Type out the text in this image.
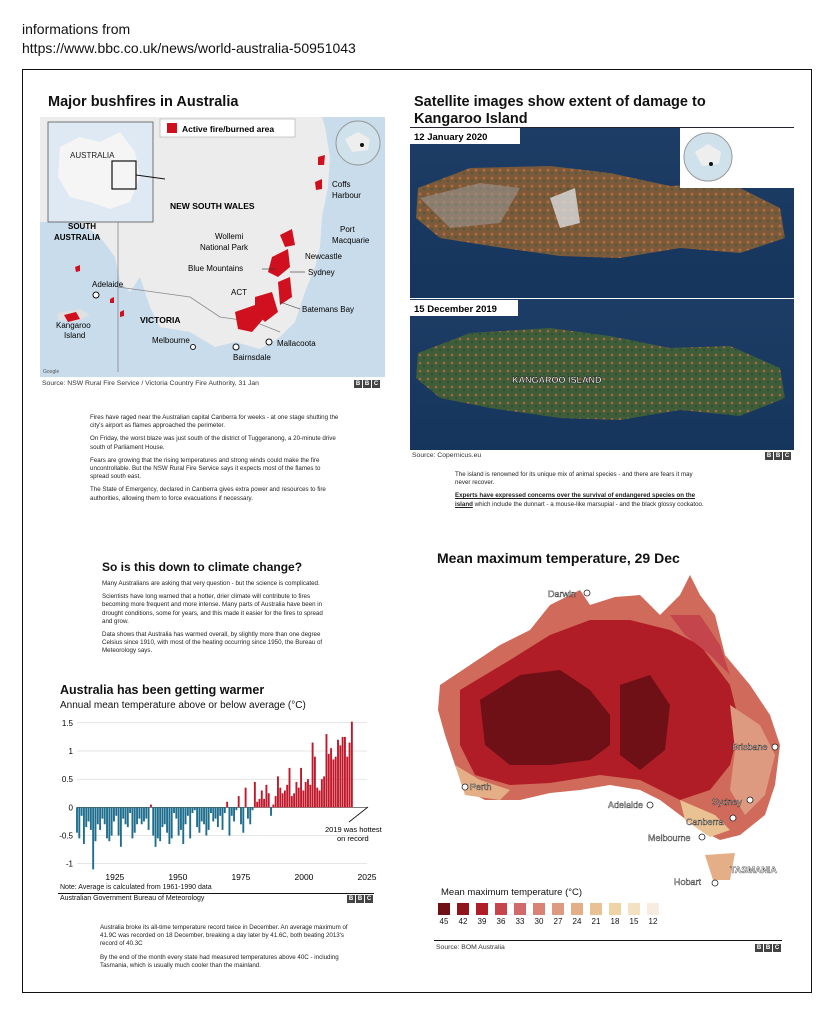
informations from
https://www.bbc.co.uk/news/world-australia-50951043
Major bushfires in Australia
AUSTRALIA
Active fire/burned area
NEW SOUTH WALES
SOUTH
AUSTRALIA
VICTORIA
Adelaide
Kangaroo
Island
Melbourne
Bairnsdale
Mallacoota
Batemans Bay
ACT
Sydney
Blue Mountains
Wollemi
National Park
Newcastle
Port
Macquarie
Coffs
Harbour
Google
Source: NSW Rural Fire Service / Victoria Country Fire Authority, 31 Jan	B B C

Fires have raged near the Australian capital Canberra for weeks - at one stage shutting the city's airport as flames approached the perimeter.

On Friday, the worst blaze was just south of the district of Tuggeranong, a 20-minute drive south of Parliament House.

Fears are growing that the rising temperatures and strong winds could make the fire uncontrollable. But the NSW Rural Fire Service says it expects most of the flames to spread south east.

The State of Emergency, declared in Canberra gives extra power and resources to fire authorities, allowing them to force evacuations if necessary.

So is this down to climate change?

Many Australians are asking that very question - but the science is complicated.

Scientists have long warned that a hotter, drier climate will contribute to fires becoming more frequent and more intense. Many parts of Australia have been in drought conditions, some for years, and this made it easier for the fires to spread and grow.

Data shows that Australia has warmed overall, by slightly more than one degree Celsius since 1910, with most of the heating occurring since 1950, the Bureau of Meteorology says.

Australia has been getting warmer
Annual mean temperature above or below average (°C)
1.5
1
0.5
0
-0.5
-1
1925	1950	1975	2000	2025
2019 was hottest
on record
Note: Average is calculated from 1961-1990 data
Australian Government Bureau of Meteorology	B B C

Australia broke its all-time temperature record twice in December. An average maximum of 41.9C was recorded on 18 December, breaking a day later by 41.6C, both beating 2013's record of 40.3C

By the end of the month every state had measured temperatures above 40C - including Tasmania, which is usually much cooler than the mainland.

Satellite images show extent of damage to
Kangaroo Island
12 January 2020
15 December 2019
KANGAROO ISLAND
Source: Copernicus.eu	B B C

The island is renowned for its unique mix of animal species - and there are fears it may never recover.

Experts have expressed concerns over the survival of endangered species on the island which include the dunnart - a mouse-like marsupial - and the black glossy cockatoo.

Mean maximum temperature, 29 Dec
Darwin
Brisbane
Perth
Adelaide	Sydney
Canberra
Melbourne
TASMANIA
Hobart
Mean maximum temperature (°C)
45 42 39 36 33 30 27 24 21 18 15 12
Source: BOM Australia	B B C
